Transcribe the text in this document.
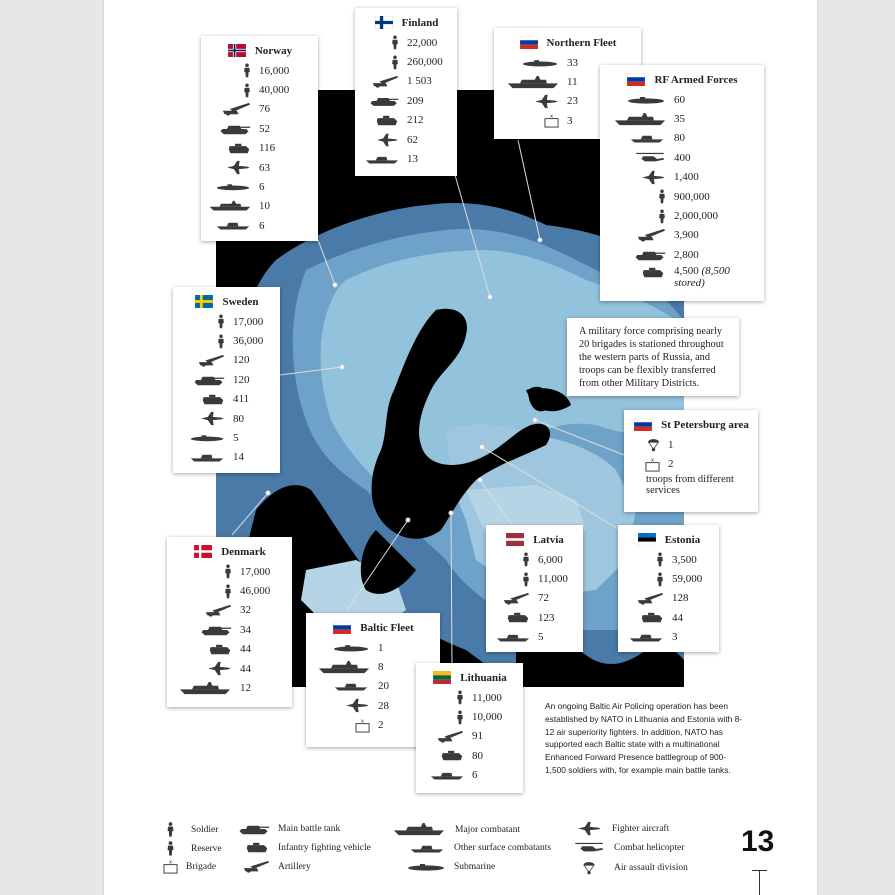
Norway
16,000
40,000
76
52
116
63
6
10
6
Finland
22,000
260,000
1 503
209
212
62
13
Northern Fleet
33
11
23
3
RF Armed Forces
60
35
80
400
1,400
900,000
2,000,000
3,900
2,800
4,500 (8,500 stored)
A military force comprising nearly 20 brigades is stationed throughout the western parts of Russia, and troops can be flexibly transferred from other Military Districts.
Sweden
17,000
36,000
120
120
411
80
5
14
St Petersburg area
1
2
troops from different services
Denmark
17,000
46,000
32
34
44
44
12
Latvia
6,000
11,000
72
123
5
Estonia
3,500
59,000
128
44
3
Baltic Fleet
1
8
20
28
2
Lithuania
11,000
10,000
91
80
6
An ongoing Baltic Air Policing operation has been established by NATO in Lithuania and Estonia with 8-12 air superiority fighters. In addition, NATO has supported each Baltic state with a multinational Enhanced Forward Presence battlegroup of 900-1,500 soldiers with, for example main battle tanks.
Soldier
Reserve
Brigade
Main battle tank
Infantry fighting vehicle
Artillery
Major combatant
Other surface combatants
Submarine
Fighter aircraft
Combat helicopter
Air assault division
13
